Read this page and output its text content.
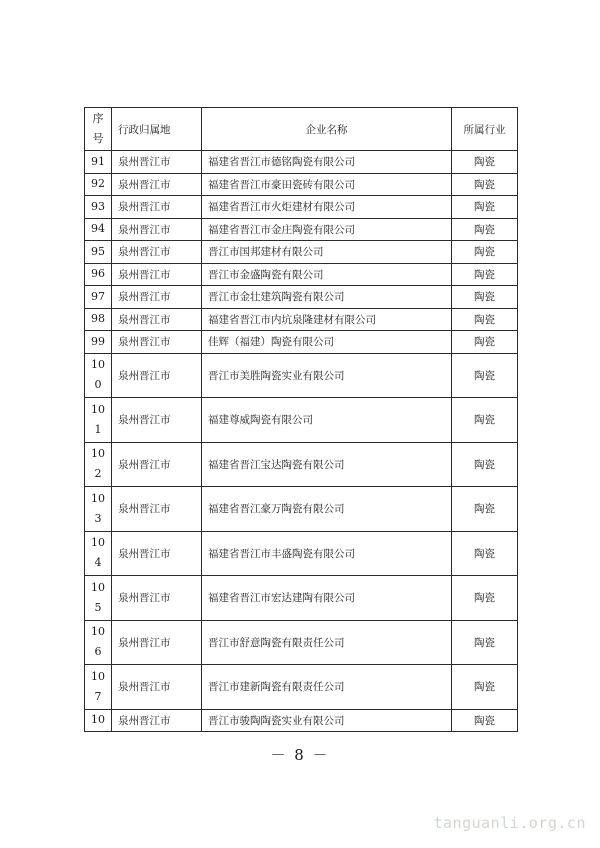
序
号	行政归属地	企业名称	所属行业

91	泉州晋江市	福建省晋江市德铭陶瓷有限公司	陶瓷

92	泉州晋江市	福建省晋江市豪田瓷砖有限公司	陶瓷

93	泉州晋江市	福建省晋江市火炬建材有限公司	陶瓷

94	泉州晋江市	福建省晋江市金庄陶瓷有限公司	陶瓷

95	泉州晋江市	晋江市国邦建材有限公司	陶瓷

96	泉州晋江市	晋江市金盛陶瓷有限公司	陶瓷

97	泉州晋江市	晋江市金壮建筑陶瓷有限公司	陶瓷

98	泉州晋江市	福建省晋江市内坑泉隆建材有限公司	陶瓷

99	泉州晋江市	佳辉（福建）陶瓷有限公司	陶瓷

10
0	泉州晋江市	晋江市美胜陶瓷实业有限公司	陶瓷

10
1	泉州晋江市	福建尊威陶瓷有限公司	陶瓷

10
2	泉州晋江市	福建省晋江宝达陶瓷有限公司	陶瓷

10
3	泉州晋江市	福建省晋江豪万陶瓷有限公司	陶瓷

10
4	泉州晋江市	福建省晋江市丰盛陶瓷有限公司	陶瓷

10
5	泉州晋江市	福建省晋江市宏达建陶有限公司	陶瓷

10
6	泉州晋江市	晋江市舒意陶瓷有限责任公司	陶瓷

10
7	泉州晋江市	晋江市建新陶瓷有限责任公司	陶瓷

10	泉州晋江市	晋江市骏陶陶瓷实业有限公司	陶瓷
－ 8 －
tanguanli.org.cn
